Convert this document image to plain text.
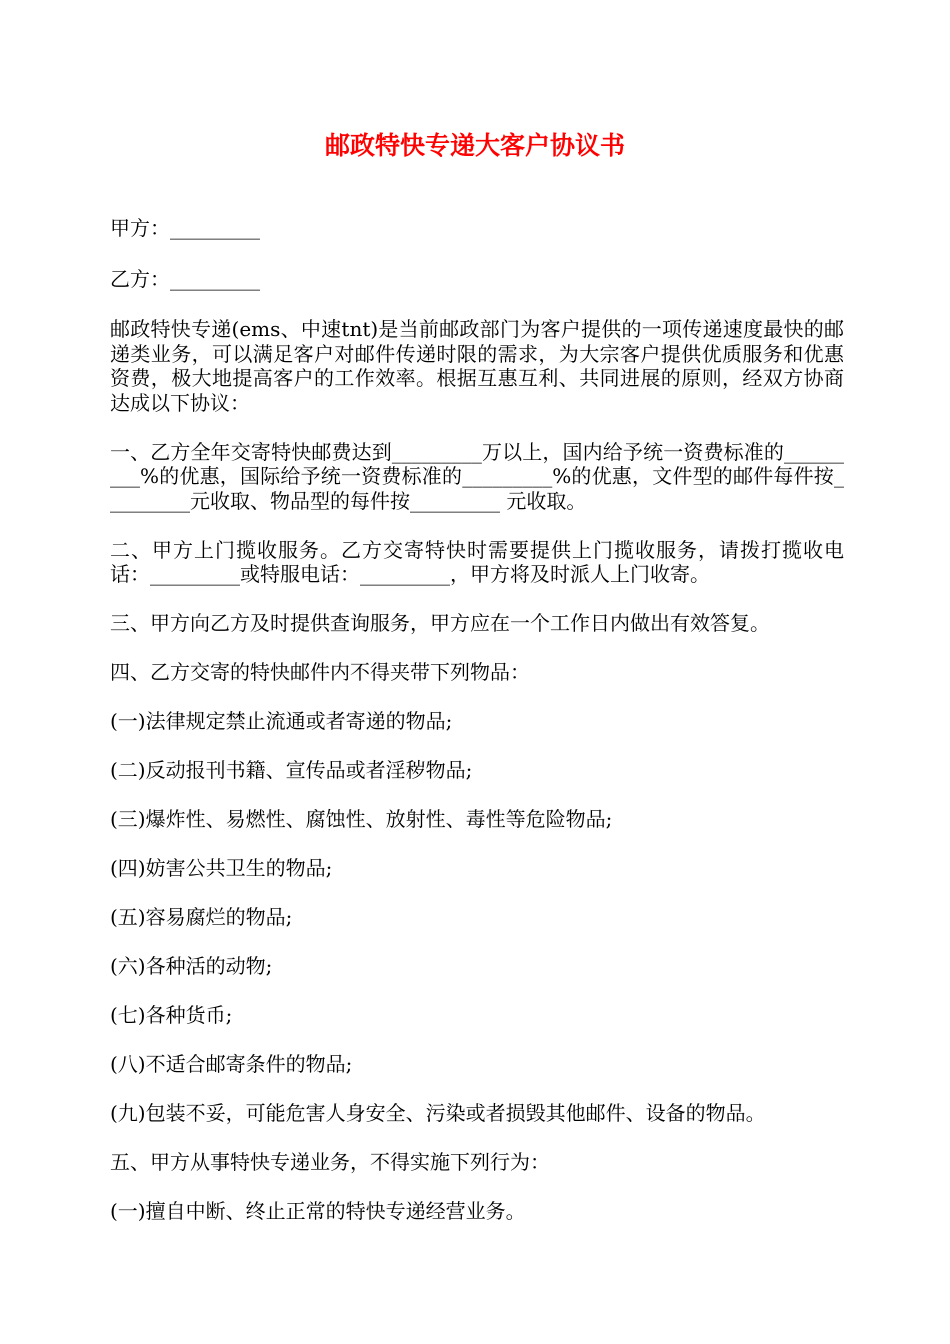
邮政特快专递大客户协议书

甲方：_________

乙方：_________

邮政特快专递(ems、中速tnt)是当前邮政部门为客户提供的一项传递速度最快的邮递类业务，可以满足客户对邮件传递时限的需求，为大宗客户提供优质服务和优惠资费，极大地提高客户的工作效率。根据互惠互利、共同进展的原则，经双方协商达成以下协议：

一、乙方全年交寄特快邮费达到_________万以上，国内给予统一资费标准的_________%的优惠，国际给予统一资费标准的_________%的优惠，文件型的邮件每件按_________元收取、物品型的每件按_________ 元收取。

二、甲方上门揽收服务。乙方交寄特快时需要提供上门揽收服务，请拨打揽收电话：_________或特服电话：_________，甲方将及时派人上门收寄。

三、甲方向乙方及时提供查询服务，甲方应在一个工作日内做出有效答复。

四、乙方交寄的特快邮件内不得夹带下列物品：

(一)法律规定禁止流通或者寄递的物品;

(二)反动报刊书籍、宣传品或者淫秽物品;

(三)爆炸性、易燃性、腐蚀性、放射性、毒性等危险物品;

(四)妨害公共卫生的物品;

(五)容易腐烂的物品;

(六)各种活的动物;

(七)各种货币;

(八)不适合邮寄条件的物品;

(九)包装不妥，可能危害人身安全、污染或者损毁其他邮件、设备的物品。

五、甲方从事特快专递业务，不得实施下列行为：

(一)擅自中断、终止正常的特快专递经营业务。
